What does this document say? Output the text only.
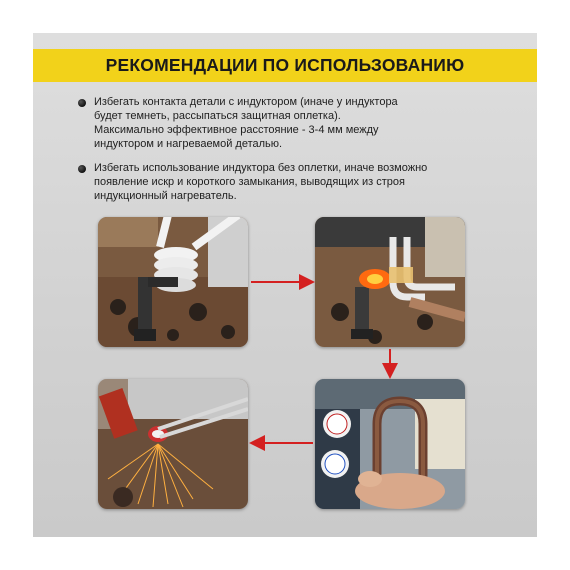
РЕКОМЕНДАЦИИ ПО ИСПОЛЬЗОВАНИЮ
Избегать контакта детали с индуктором (иначе у индуктора
будет темнеть, рассыпаться защитная оплетка).
Максимально эффективное расстояние - 3-4 мм между
индуктором и нагреваемой деталью.
Избегать использование индуктора без оплетки, иначе возможно
появление искр и короткого замыкания, выводящих из строя
индукционный нагреватель.
